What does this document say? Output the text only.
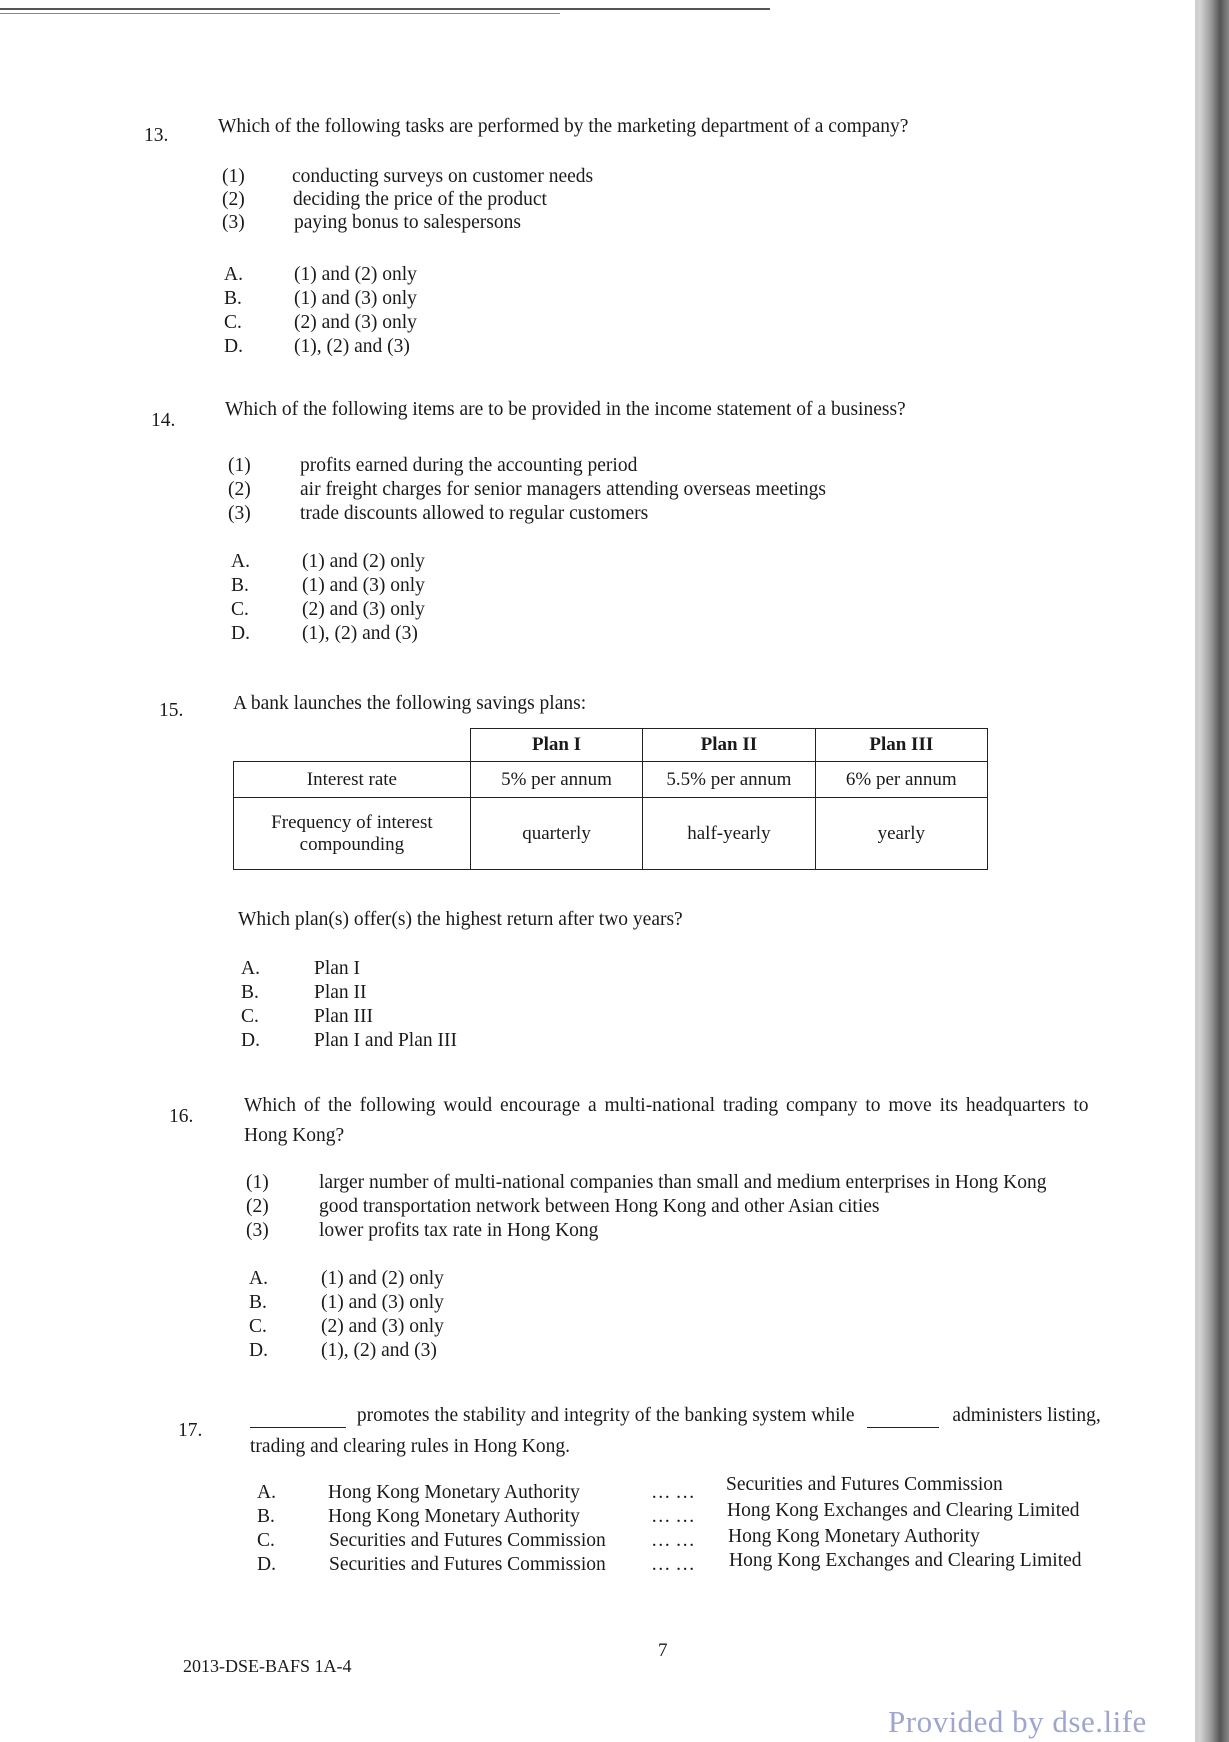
13.	Which of the following tasks are performed by the marketing department of a company?
(1) conducting surveys on customer needs
(2) deciding the price of the product
(3)	paying bonus to salespersons
A.	(1) and (2) only
B.	(1) and (3) only
C.	(2) and (3) only
D.	(1), (2) and (3)
14.
Which of the following items are to be provided in the income statement of a business?
(1)	profits earned during the accounting period
(2)	air freight charges for senior managers attending overseas meetings
(3)	trade discounts allowed to regular customers
A.	(1) and (2) only
B.	(1) and (3) only
C.	(2) and (3) only
D.	(1), (2) and (3)
15.	A bank launches the following savings plans:
	Plan I	Plan II	Plan III
Interest rate	5% per annum	5.5% per annum	6% per annum

Frequency of interest
compounding	quarterly	half-yearly	yearly
Which plan(s) offer(s) the highest return after two years?
A.	Plan I
B.	Plan II
C.	Plan III
D.	Plan I and Plan III
16.
Which of the following would encourage a multi-national trading company to move its headquarters to
Hong Kong?
(1)	larger number of multi-national companies than small and medium enterprises in Hong Kong
(2)	good transportation network between Hong Kong and other Asian cities
(3)	lower profits tax rate in Hong Kong
A.	(1) and (2) only
B.	(1) and (3) only
C.	(2) and (3) only
D.	(1), (2) and (3)
17.
promotes the stability and integrity of the banking system while	administers listing,
trading and clearing rules in Hong Kong.
A.	Hong Kong Monetary Authority	… … Securities and Futures Commission
B.	Hong Kong Monetary Authority	… … Hong Kong Exchanges and Clearing Limited
C.	Securities and Futures Commission … … Hong Kong Monetary Authority
D.	Securities and Futures Commission … … Hong Kong Exchanges and Clearing Limited
2013-DSE-BAFS 1A-4
7
Provided by dse.life
